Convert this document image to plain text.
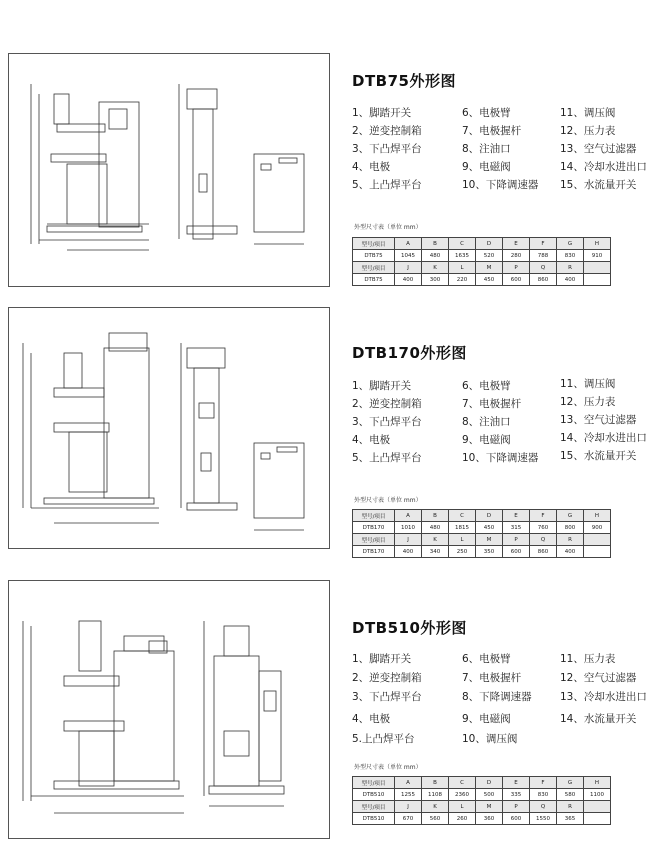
DTB75外形图
1、脚踏开关
2、逆变控制箱
3、下凸焊平台
4、电极
5、上凸焊平台
6、电极臂
7、电极握杆
8、注油口
9、电磁阀
10、下降调速器
11、调压阀
12、压力表
13、空气过滤器
14、冷却水进出口
15、水流量开关
外型尺寸表（单位 mm）
型号/项目	A	B	C	D	E	F	G	H
DTB75	1045	480	1635	520	280	788	830	910
型号/项目	J	K	L	M	P	Q	R	
DTB75	400	300	220	450	600	860	400	
DTB170外形图
1、脚踏开关
2、逆变控制箱
3、下凸焊平台
4、电极
5、上凸焊平台
6、电极臂
7、电极握杆
8、注油口
9、电磁阀
10、下降调速器
11、调压阀
12、压力表
13、空气过滤器
14、冷却水进出口
15、水流量开关
外型尺寸表（单位 mm）
型号/项目	A	B	C	D	E	F	G	H
DTB170	1010	480	1815	450	315	760	800	900
型号/项目	J	K	L	M	P	Q	R	
DTB170	400	340	250	350	600	860	400	
DTB510外形图
1、脚踏开关
2、逆变控制箱
3、下凸焊平台
4、电极
5.上凸焊平台
6、电极臂
7、电极握杆
8、下降调速器
9、电磁阀
10、调压阀
11、压力表
12、空气过滤器
13、冷却水进出口
14、水流量开关
外型尺寸表（单位 mm）
型号/项目	A	B	C	D	E	F	G	H
DTB510	1255	1108	2360	500	335	830	580	1100
型号/项目	J	K	L	M	P	Q	R	
DTB510	670	560	260	360	600	1550	365	
